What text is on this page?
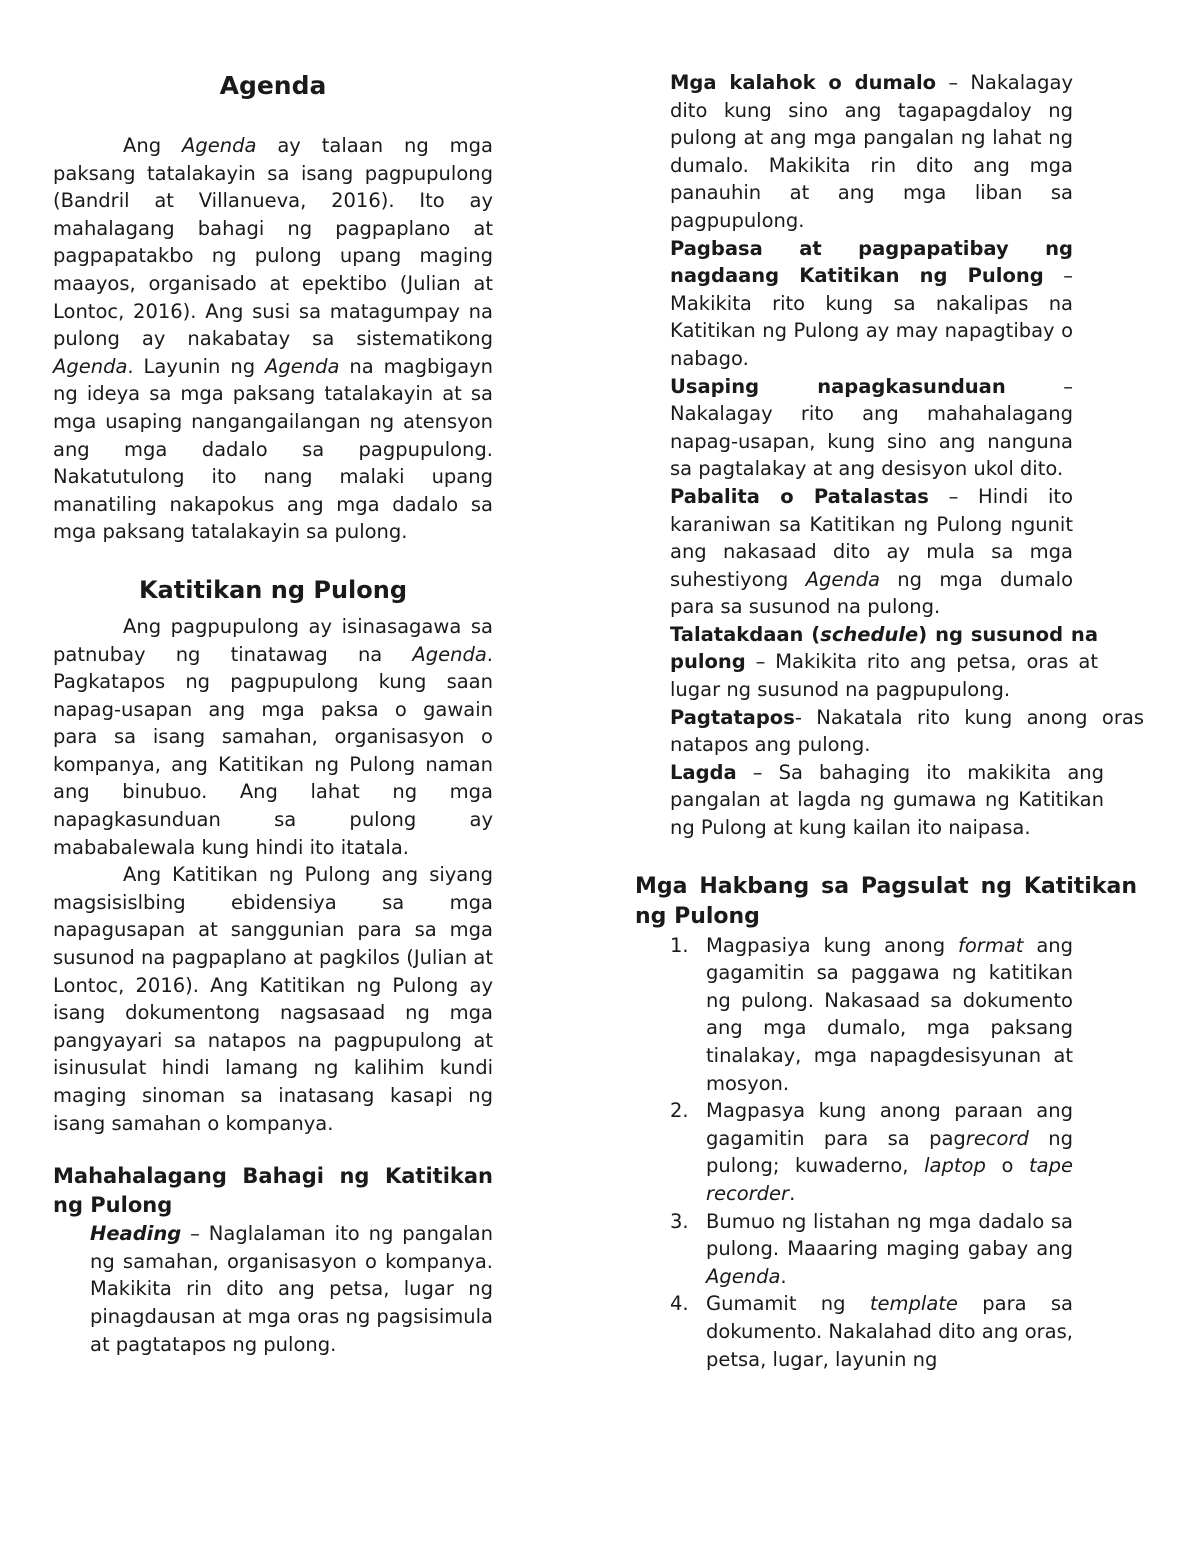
Agenda

Ang Agenda ay talaan ng mga paksang tatalakayin sa isang pagpupulong (Bandril at Villanueva, 2016). Ito ay mahalagang bahagi ng pagpaplano at pagpapatakbo ng pulong upang maging maayos, organisado at epektibo (Julian at Lontoc, 2016). Ang susi sa matagumpay na pulong ay nakabatay sa sistematikong Agenda. Layunin ng Agenda na magbigayn ng ideya sa mga paksang tatalakayin at sa mga usaping nangangailangan ng atensyon ang mga dadalo sa pagpupulong. Nakatutulong ito nang malaki upang manatiling nakapokus ang mga dadalo sa mga paksang tatalakayin sa pulong.

Katitikan ng Pulong

Ang pagpupulong ay isinasagawa sa patnubay ng tinatawag na Agenda. Pagkatapos ng pagpupulong kung saan napag-usapan ang mga paksa o gawain para sa isang samahan, organisasyon o kompanya, ang Katitikan ng Pulong naman ang binubuo. Ang lahat ng mga napagkasunduan sa pulong ay mababalewala kung hindi ito itatala.

Ang Katitikan ng Pulong ang siyang magsisislbing ebidensiya sa mga napagusapan at sanggunian para sa mga susunod na pagpaplano at pagkilos (Julian at Lontoc, 2016). Ang Katitikan ng Pulong ay isang dokumentong nagsasaad ng mga pangyayari sa natapos na pagpupulong at isinusulat hindi lamang ng kalihim kundi maging sinoman sa inatasang kasapi ng isang samahan o kompanya.

Mahahalagang Bahagi ng Katitikan ng Pulong

Heading – Naglalaman ito ng pangalan ng samahan, organisasyon o kompanya. Makikita rin dito ang petsa, lugar ng pinagdausan at mga oras ng pagsisimula at pagtatapos ng pulong.

Mga kalahok o dumalo – Nakalagay dito kung sino ang tagapagdaloy ng pulong at ang mga pangalan ng lahat ng dumalo. Makikita rin dito ang mga panauhin at ang mga liban sa pagpupulong.

Pagbasa at pagpapatibay ng nagdaang Katitikan ng Pulong – Makikita rito kung sa nakalipas na Katitikan ng Pulong ay may napagtibay o nabago.

Usaping napagkasunduan – Nakalagay rito ang mahahalagang napag-usapan, kung sino ang nanguna sa pagtalakay at ang desisyon ukol dito.

Pabalita o Patalastas – Hindi ito karaniwan sa Katitikan ng Pulong ngunit ang nakasaad dito ay mula sa mga suhestiyong Agenda ng mga dumalo para sa susunod na pulong.

Talatakdaan (schedule) ng susunod na pulong – Makikita rito ang petsa, oras at lugar ng susunod na pagpupulong.

Pagtatapos- Nakatala rito kung anong oras natapos ang pulong.

Lagda – Sa bahaging ito makikita ang pangalan at lagda ng gumawa ng Katitikan ng Pulong at kung kailan ito naipasa.

Mga Hakbang sa Pagsulat ng Katitikan ng Pulong
1. Magpasiya kung anong format ang gagamitin sa paggawa ng katitikan ng pulong. Nakasaad sa dokumento ang mga dumalo, mga paksang tinalakay, mga napagdesisyunan at mosyon.
2. Magpasya kung anong paraan ang gagamitin para sa pagrecord ng pulong; kuwaderno, laptop o tape recorder.
3. Bumuo ng listahan ng mga dadalo sa pulong. Maaaring maging gabay ang Agenda.
4. Gumamit ng template para sa dokumento. Nakalahad dito ang oras, petsa, lugar, layunin ng
